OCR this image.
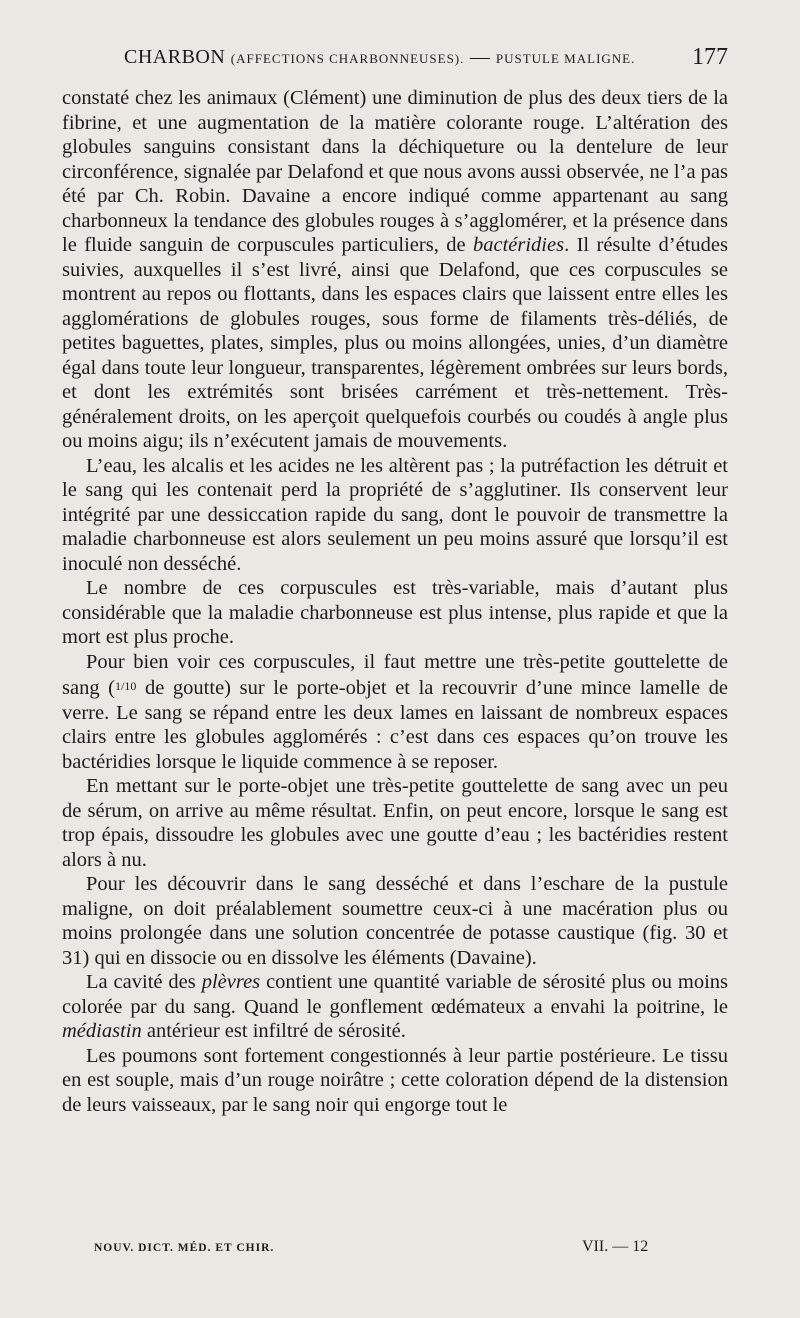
CHARBON (AFFECTIONS CHARBONNEUSES). — PUSTULE MALIGNE. 177

constaté chez les animaux (Clément) une diminution de plus des deux tiers de la fibrine, et une augmentation de la matière colorante rouge. L’altération des globules sanguins consistant dans la déchiqueture ou la dentelure de leur circonférence, signalée par Delafond et que nous avons aussi observée, ne l’a pas été par Ch. Robin. Davaine a encore indiqué comme appartenant au sang charbonneux la tendance des globules rouges à s’agglomérer, et la présence dans le fluide sanguin de corpuscules particuliers, de bactéridies. Il résulte d’études suivies, auxquelles il s’est livré, ainsi que Delafond, que ces corpuscules se montrent au repos ou flottants, dans les espaces clairs que laissent entre elles les agglomérations de globules rouges, sous forme de filaments très-déliés, de petites baguettes, plates, simples, plus ou moins allongées, unies, d’un diamètre égal dans toute leur longueur, transparentes, légèrement ombrées sur leurs bords, et dont les extrémités sont brisées carrément et très-nettement. Très-généralement droits, on les aperçoit quelquefois courbés ou coudés à angle plus ou moins aigu; ils n’exécutent jamais de mouvements.

L’eau, les alcalis et les acides ne les altèrent pas ; la putréfaction les détruit et le sang qui les contenait perd la propriété de s’agglutiner. Ils conservent leur intégrité par une dessiccation rapide du sang, dont le pouvoir de transmettre la maladie charbonneuse est alors seulement un peu moins assuré que lorsqu’il est inoculé non desséché.

Le nombre de ces corpuscules est très-variable, mais d’autant plus considérable que la maladie charbonneuse est plus intense, plus rapide et que la mort est plus proche.

Pour bien voir ces corpuscules, il faut mettre une très-petite gouttelette de sang (1/10 de goutte) sur le porte-objet et la recouvrir d’une mince lamelle de verre. Le sang se répand entre les deux lames en laissant de nombreux espaces clairs entre les globules agglomérés : c’est dans ces espaces qu’on trouve les bactéridies lorsque le liquide commence à se reposer.

En mettant sur le porte-objet une très-petite gouttelette de sang avec un peu de sérum, on arrive au même résultat. Enfin, on peut encore, lorsque le sang est trop épais, dissoudre les globules avec une goutte d’eau ; les bactéridies restent alors à nu.

Pour les découvrir dans le sang desséché et dans l’eschare de la pustule maligne, on doit préalablement soumettre ceux-ci à une macération plus ou moins prolongée dans une solution concentrée de potasse caustique (fig. 30 et 31) qui en dissocie ou en dissolve les éléments (Davaine).

La cavité des plèvres contient une quantité variable de sérosité plus ou moins colorée par du sang. Quand le gonflement œdémateux a envahi la poitrine, le médiastin antérieur est infiltré de sérosité.

Les poumons sont fortement congestionnés à leur partie postérieure. Le tissu en est souple, mais d’un rouge noirâtre ; cette coloration dépend de la distension de leurs vaisseaux, par le sang noir qui engorge tout le

NOUV. DICT. MÉD. ET CHIR.	VII. — 12
